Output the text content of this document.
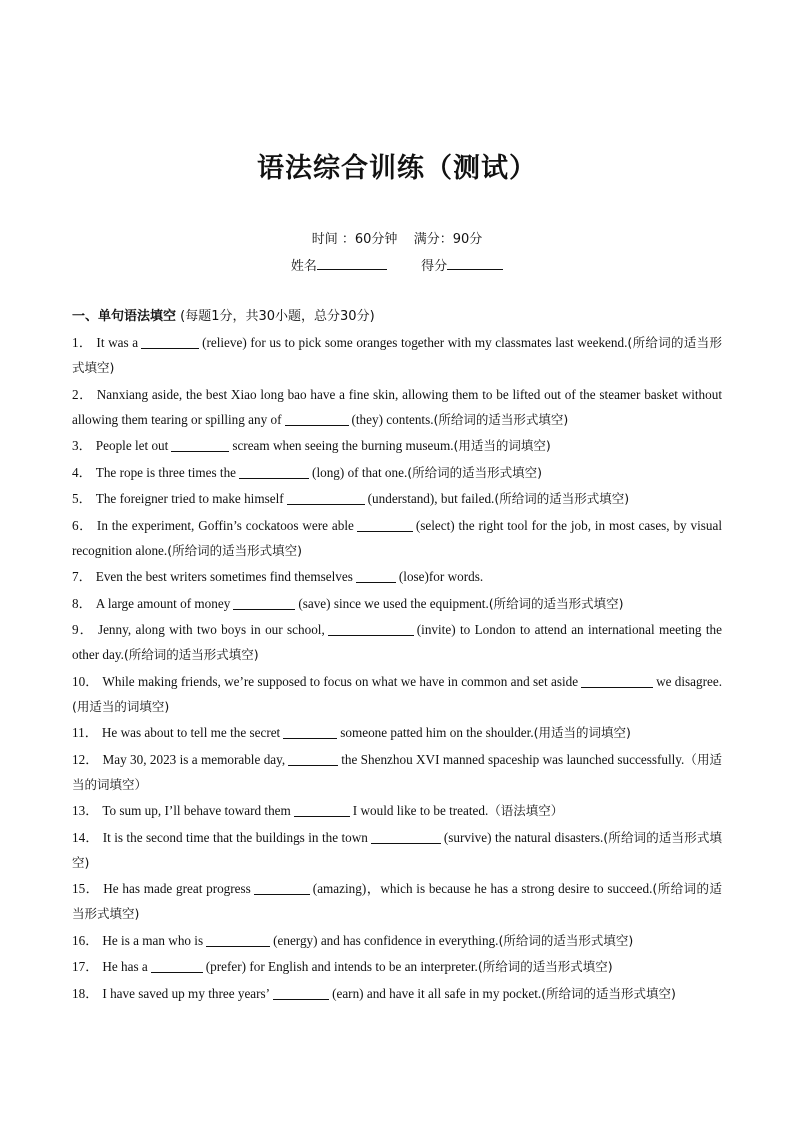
语法综合训练（测试）
时间 ：60分钟 满分：90分
姓名	得分
一、单句语法填空 (每题1分，共30小题，总分30分)
1． It was a	(relieve) for us to pick some oranges together with my classmates last weekend.(所给词的适当形式填空)
2． Nanxiang aside, the best Xiao long bao have a fine skin, allowing them to be lifted out of the steamer basket without allowing them tearing or spilling any of	(they) contents.(所给词的适当形式填空)
3． People let out	scream when seeing the burning museum.(用适当的词填空)
4． The rope is three times the	(long) of that one.(所给词的适当形式填空)
5． The foreigner tried to make himself	(understand), but failed.(所给词的适当形式填空)
6． In the experiment, Goffin’s cockatoos were able	(select) the right tool for the job, in most cases, by visual recognition alone.(所给词的适当形式填空)
7． Even the best writers sometimes find themselves	(lose)for words.
8． A large amount of money	(save) since we used the equipment.(所给词的适当形式填空)
9． Jenny, along with two boys in our school,	(invite) to London to attend an international meeting the other day.(所给词的适当形式填空)
10． While making friends, we’re supposed to focus on what we have in common and set aside	we disagree.(用适当的词填空)
11． He was about to tell me the secret	someone patted him on the shoulder.(用适当的词填空)
12． May 30, 2023 is a memorable day,	the Shenzhou XVI manned spaceship was launched successfully.（用适当的词填空）
13． To sum up, I’ll behave toward them	I would like to be treated.（语法填空）
14． It is the second time that the buildings in the town	(survive) the natural disasters.(所给词的适当形式填空)
15． He has made great progress	(amazing)，which is because he has a strong desire to succeed.(所给词的适当形式填空)
16． He is a man who is	(energy) and has confidence in everything.(所给词的适当形式填空)
17． He has a	(prefer) for English and intends to be an interpreter.(所给词的适当形式填空)
18． I have saved up my three years’	(earn) and have it all safe in my pocket.(所给词的适当形式填空)
